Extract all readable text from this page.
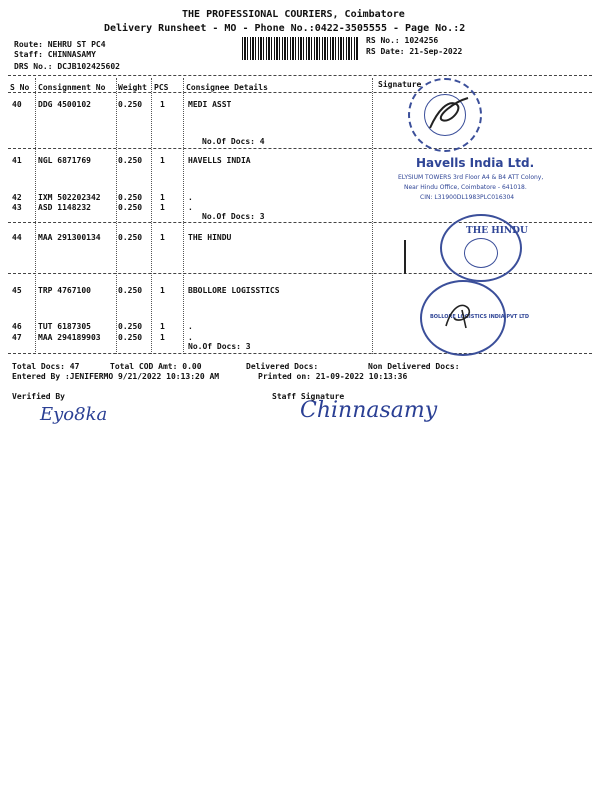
THE PROFESSIONAL COURIERS, Coimbatore
Delivery Runsheet - MO - Phone No.:0422-3505555 - Page No.:2
Route: NEHRU ST PC4
Staff: CHINNASAMY
DRS No.: DCJB102425602
RS No.: 1024256
RS Date: 21-Sep-2022
S No Consignment No Weight PCS Consignee Details	Signature
40 DDG 4500102	0.250 1	MEDI ASST
No.Of Docs: 4
41 NGL 6871769	0.250 1	HAVELLS INDIA
42 IXM 502202342 0.250 1	.
43 ASD 1148232	0.250 1	.
No.Of Docs: 3
44 MAA 291300134 0.250 1	THE HINDU
45 TRP 4767100	0.250 1	BBOLLORE LOGISSTICS
46 TUT 6187305	0.250 1	.
47 MAA 294189903 0.250 1	.
No.Of Docs: 3
Havells India Ltd.
ELYSIUM TOWERS 3rd Floor A4 & B4 ATT Colony,
Near Hindu Office, Coimbatore - 641018.
CIN: L31900DL1983PLC016304
THE HINDU
BOLLORE LOGISTICS INDIA PVT LTD
Total Docs: 47	Total COD Amt: 0.00	Delivered Docs:	Non Delivered Docs:
Entered By :JENIFERMO 9/21/2022 10:13:20 AM	Printed on: 21-09-2022 10:13:36
Verified By	Staff Signature
Eyo8ka	Chinnasamy
